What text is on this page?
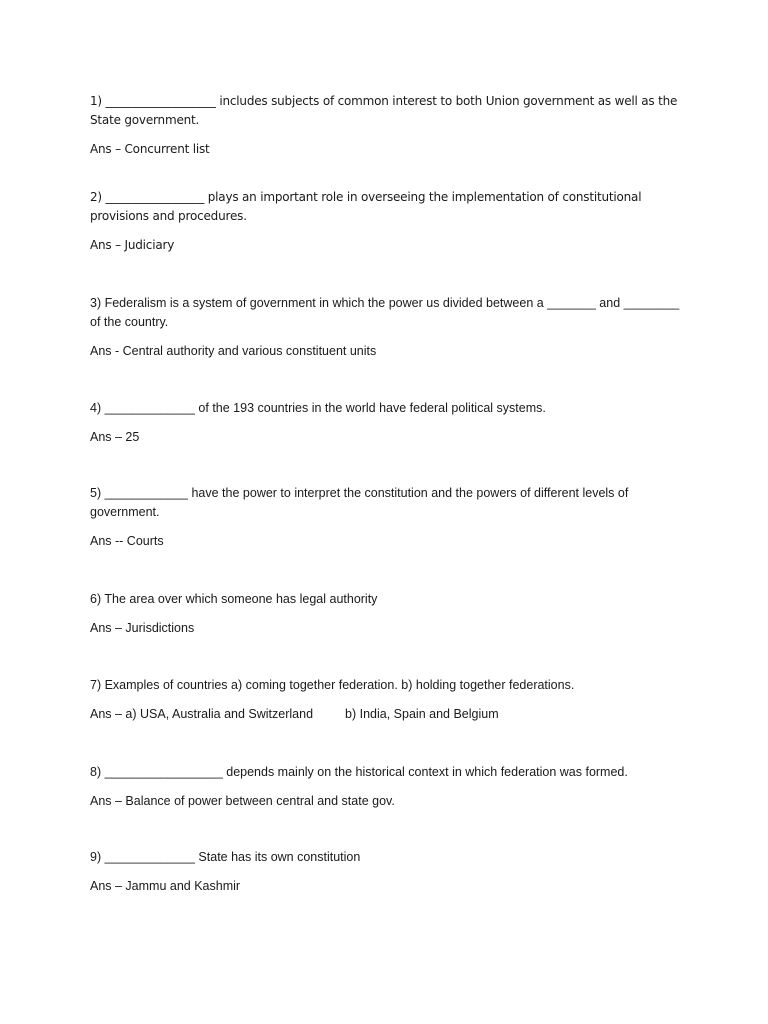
1) ___________________ includes subjects of common interest to both Union government as well as the State government.

Ans – Concurrent list

2) _________________ plays an important role in overseeing the implementation of constitutional provisions and procedures.

Ans – Judiciary

3) Federalism is a system of government in which the power us divided between a _______ and ________ of the country.

Ans - Central authority and various constituent units

4) _____________ of the 193 countries in the world have federal political systems.

Ans – 25

5) ____________ have the power to interpret the constitution and the powers of different levels of government.

Ans -- Courts

6) The area over which someone has legal authority

Ans – Jurisdictions

7) Examples of countries a) coming together federation. b) holding together federations.

Ans – a) USA, Australia and Switzerland	b) India, Spain and Belgium

8) _________________ depends mainly on the historical context in which federation was formed.

Ans – Balance of power between central and state gov.

9) _____________ State has its own constitution

Ans – Jammu and Kashmir
